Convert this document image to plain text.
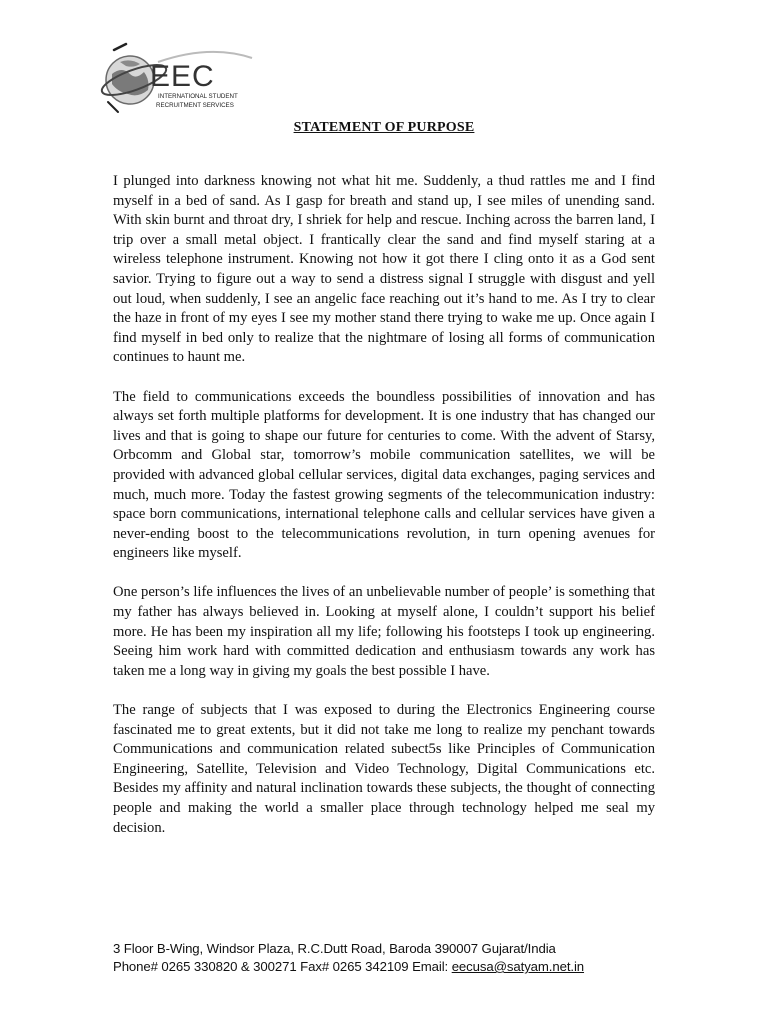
EEC
INTERNATIONAL STUDENT
RECRUITMENT SERVICES
STATEMENT OF PURPOSE

I plunged into darkness knowing not what hit me. Suddenly, a thud rattles me and I find myself in a bed of sand. As I gasp for breath and stand up, I see miles of unending sand. With skin burnt and throat dry, I shriek for help and rescue. Inching across the barren land, I trip over a small metal object. I frantically clear the sand and find myself staring at a wireless telephone instrument. Knowing not how it got there I cling onto it as a God sent savior. Trying to figure out a way to send a distress signal I struggle with disgust and yell out loud, when suddenly, I see an angelic face reaching out it’s hand to me. As I try to clear the haze in front of my eyes I see my mother stand there trying to wake me up. Once again I find myself in bed only to realize that the nightmare of losing all forms of communication continues to haunt me.

The field to communications exceeds the boundless possibilities of innovation and has always set forth multiple platforms for development. It is one industry that has changed our lives and that is going to shape our future for centuries to come. With the advent of Starsy, Orbcomm and Global star, tomorrow’s mobile communication satellites, we will be provided with advanced global cellular services, digital data exchanges, paging services and much, much more. Today the fastest growing segments of the telecommunication industry: space born communications, international telephone calls and cellular services have given a never-ending boost to the telecommunications revolution, in turn opening avenues for engineers like myself.

One person’s life influences the lives of an unbelievable number of people’ is something that my father has always believed in. Looking at myself alone, I couldn’t support his belief more. He has been my inspiration all my life; following his footsteps I took up engineering. Seeing him work hard with committed dedication and enthusiasm towards any work has taken me a long way in giving my goals the best possible I have.

The range of subjects that I was exposed to during the Electronics Engineering course fascinated me to great extents, but it did not take me long to realize my penchant towards Communications and communication related subect5s like Principles of Communication Engineering, Satellite, Television and Video Technology, Digital Communications etc. Besides my affinity and natural inclination towards these subjects, the thought of connecting people and making the world a smaller place through technology helped me seal my decision.

3 Floor B-Wing, Windsor Plaza, R.C.Dutt Road, Baroda 390007 Gujarat/India
Phone# 0265 330820 & 300271 Fax# 0265 342109 Email: eecusa@satyam.net.in
